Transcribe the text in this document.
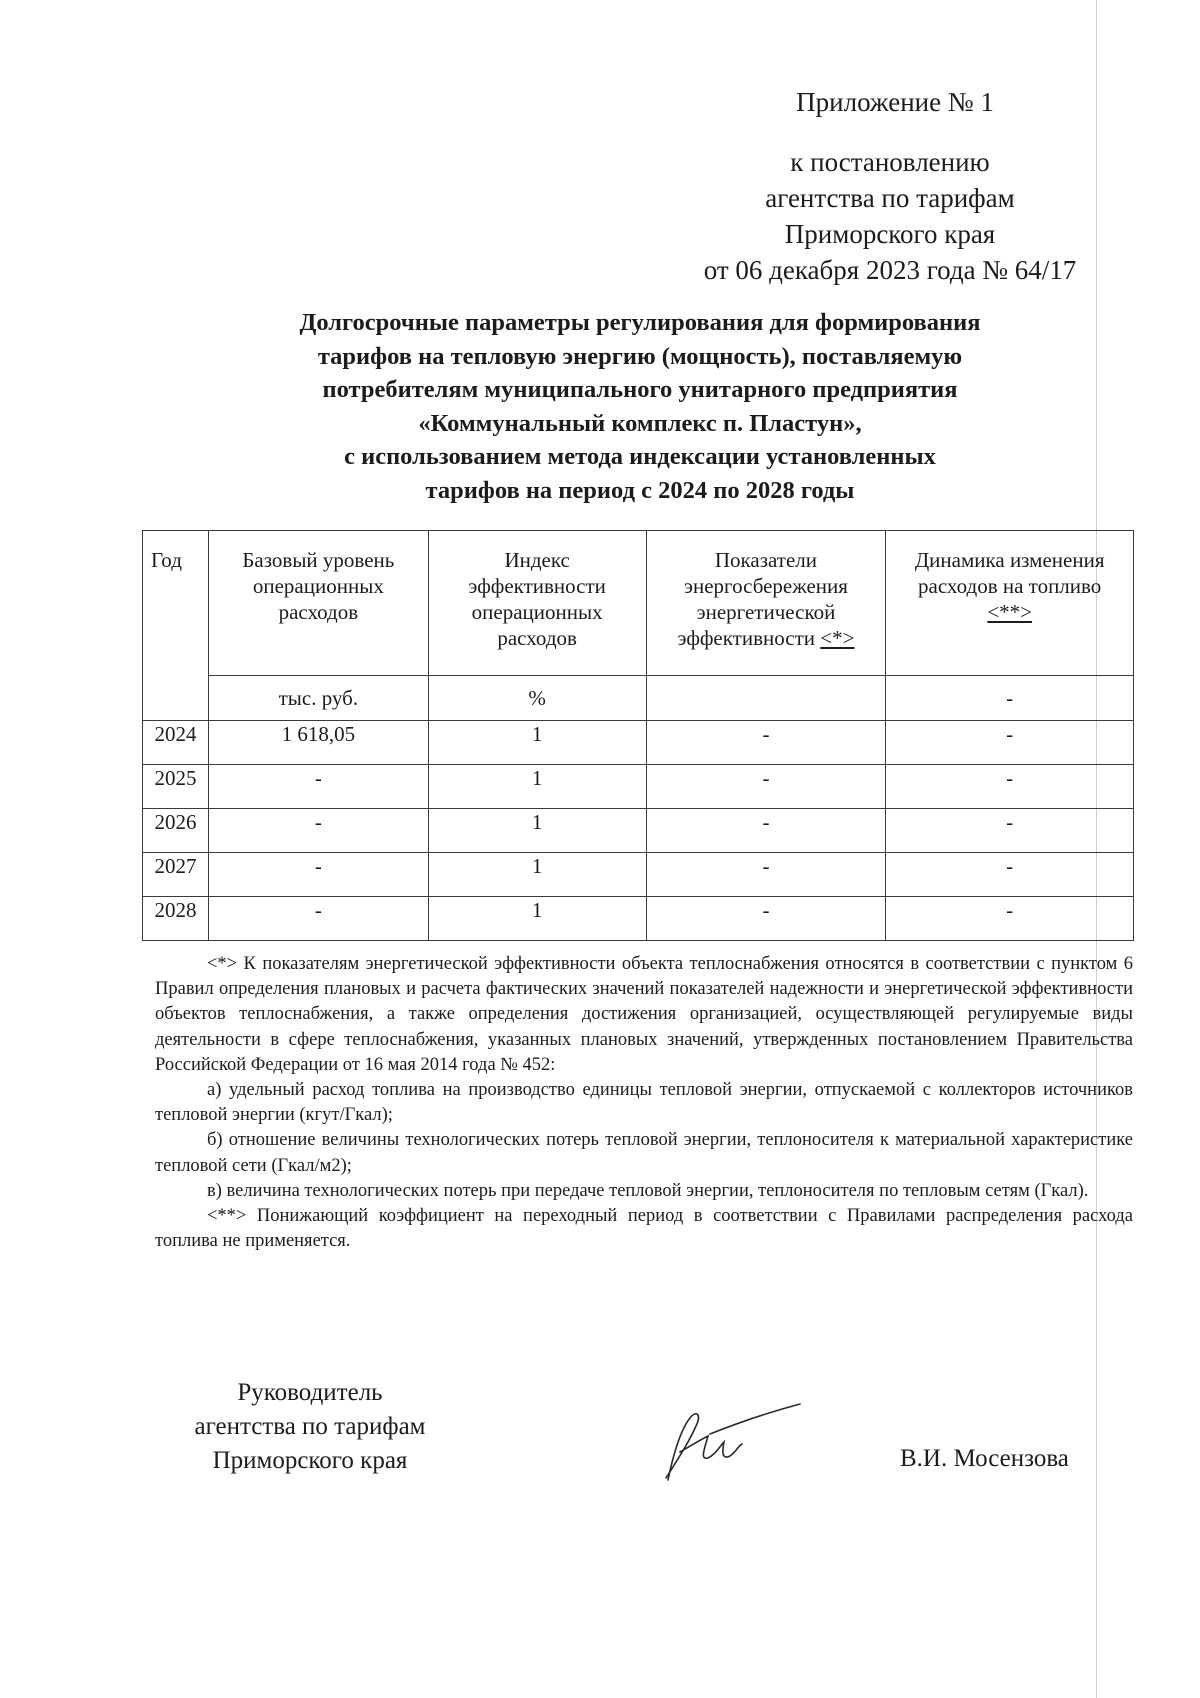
Приложение № 1
к постановлению
агентства по тарифам
Приморского края
от 06 декабря 2023 года № 64/17
Долгосрочные параметры регулирования для формирования
тарифов на тепловую энергию (мощность), поставляемую
потребителям муниципального унитарного предприятия
«Коммунальный комплекс п. Пластун»,
с использованием метода индексации установленных
тарифов на период с 2024 по 2028 годы
Год	Базовый уровень операционных расходов	Индекс эффективности операционных расходов	Показатели энергосбережения энергетической эффективности <*>	Динамика изменения расходов на топливо
<**>
	тыс. руб.	%		-
2024	1 618,05	1	-	-
2025	-	1	-	-
2026	-	1	-	-
2027	-	1	-	-
2028	-	1	-	-

<*> К показателям энергетической эффективности объекта теплоснабжения относятся в соответствии с пунктом 6 Правил определения плановых и расчета фактических значений показателей надежности и энергетической эффективности объектов теплоснабжения, а также определения достижения организацией, осуществляющей регулируемые виды деятельности в сфере теплоснабжения, указанных плановых значений, утвержденных постановлением Правительства Российской Федерации от 16 мая 2014 года № 452:

а) удельный расход топлива на производство единицы тепловой энергии, отпускаемой с коллекторов источников тепловой энергии (кгут/Гкал);

б) отношение величины технологических потерь тепловой энергии, теплоносителя к материальной характеристике тепловой сети (Гкал/м2);

в) величина технологических потерь при передаче тепловой энергии, теплоносителя по тепловым сетям (Гкал).

<**> Понижающий коэффициент на переходный период в соответствии с Правилами распределения расхода топлива не применяется.

Руководитель
агентства по тарифам
Приморского края	В.И. Мосензова
